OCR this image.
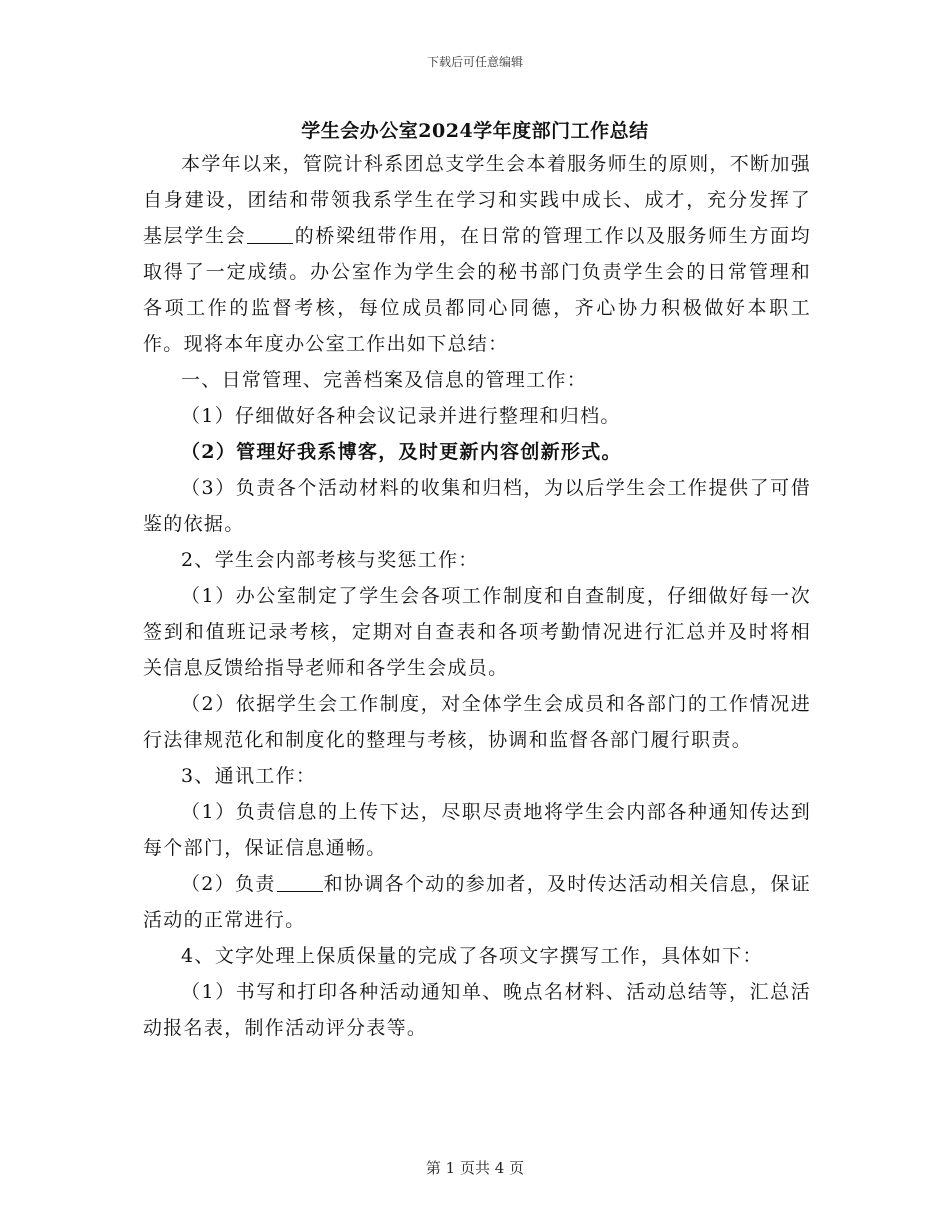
下载后可任意编辑
学生会办公室2024学年度部门工作总结

本学年以来，管院计科系团总支学生会本着服务师生的原则，不断加强自身建设，团结和带领我系学生在学习和实践中成长、成才，充分发挥了基层学生会	的桥梁纽带作用，在日常的管理工作以及服务师生方面均取得了一定成绩。办公室作为学生会的秘书部门负责学生会的日常管理和各项工作的监督考核，每位成员都同心同德，齐心协力积极做好本职工作。现将本年度办公室工作出如下总结：

一、日常管理、完善档案及信息的管理工作：

（1）仔细做好各种会议记录并进行整理和归档。

（2）管理好我系博客，及时更新内容创新形式。

（3）负责各个活动材料的收集和归档，为以后学生会工作提供了可借鉴的依据。

2、学生会内部考核与奖惩工作：

（1）办公室制定了学生会各项工作制度和自查制度，仔细做好每一次签到和值班记录考核，定期对自查表和各项考勤情况进行汇总并及时将相关信息反馈给指导老师和各学生会成员。

（2）依据学生会工作制度，对全体学生会成员和各部门的工作情况进行法律规范化和制度化的整理与考核，协调和监督各部门履行职责。

3、通讯工作：

（1）负责信息的上传下达，尽职尽责地将学生会内部各种通知传达到每个部门，保证信息通畅。

（2）负责	和协调各个动的参加者，及时传达活动相关信息，保证活动的正常进行。

4、文字处理上保质保量的完成了各项文字撰写工作，具体如下：

（1）书写和打印各种活动通知单、晚点名材料、活动总结等，汇总活动报名表，制作活动评分表等。

第 1 页共 4 页
